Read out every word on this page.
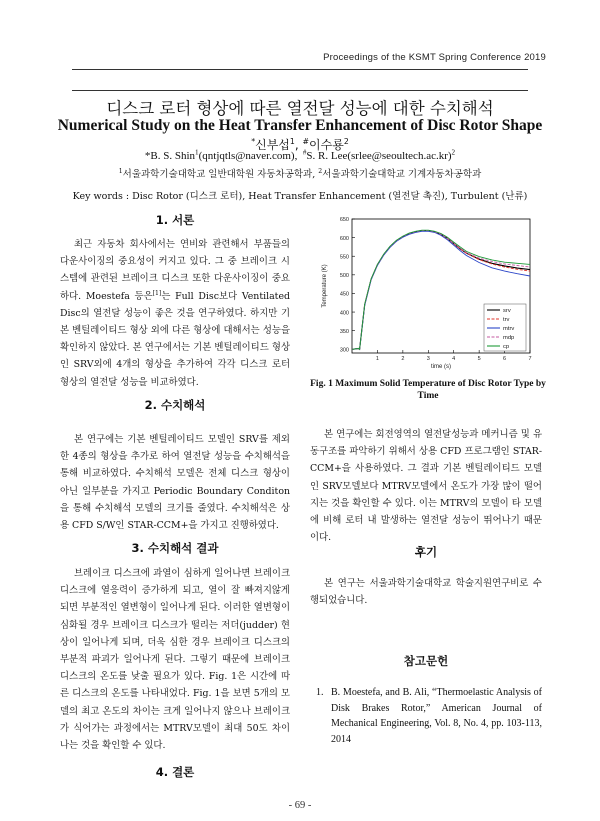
Proceedings of the KSMT Spring Conference 2019
디스크 로터 형상에 따른 열전달 성능에 대한 수치해석
Numerical Study on the Heat Transfer Enhancement of Disc Rotor Shape
*신부섭$^1$, #이수룡$^2$
*B. S. Shin$^1$(qntjqtls@naver.com), #S. R. Lee(srlee@seoultech.ac.kr)$^2$
$^1$서울과학기술대학교 일반대학원 자동차공학과, $^2$서울과학기술대학교 기계자동차공학과
Key words : Disc Rotor (디스크 로터), Heat Transfer Enhancement (열전달 촉진), Turbulent (난류)
1. 서론

최근 자동차 회사에서는 연비와 관련해서 부품들의 다운사이징의 중요성이 커지고 있다. 그 중 브레이크 시스템에 관련된 브레이크 디스크 또한 다운사이징이 중요하다. Moestefa 등은[1]는 Full Disc보다 Ventilated Disc의 열전달 성능이 좋은 것을 연구하였다. 하지만 기본 벤틸레이티드 형상 외에 다른 형상에 대해서는 성능을 확인하지 않았다. 본 연구에서는 기본 벤틸레이티드 형상인 SRV외에 4개의 형상을 추가하여 각각 디스크 로터 형상의 열전달 성능을 비교하였다.

2. 수치해석

본 연구에는 기본 벤틸레이티드 모델인 SRV를 제외한 4종의 형상을 추가로 하여 열전달 성능을 수치해석을 통해 비교하였다. 수치해석 모델은 전체 디스크 형상이 아닌 일부분을 가지고 Periodic Boundary Conditon을 통해 수치해석 모델의 크기를 줄였다. 수치해석은 상용 CFD S/W인 STAR-CCM+을 가지고 진행하였다.

3. 수치해석 결과

브레이크 디스크에 과열이 심하게 일어나면 브레이크 디스크에 열응력이 증가하게 되고, 열이 잘 빠져지않게 되면 부분적인 열변형이 일어나게 된다. 이러한 열변형이 심화될 경우 브레이크 디스크가 떨리는 저더(judder) 현상이 일어나게 되며, 더욱 심한 경우 브레이크 디스크의 부분적 파괴가 일어나게 된다. 그렇기 때문에 브레이크 디스크의 온도를 낮출 필요가 있다. Fig. 1은 시간에 따른 디스크의 온도를 나타내었다. Fig. 1을 보면 5개의 모델의 최고 온도의 차이는 크게 일어나지 않으나 브레이크가 식어가는 과정에서는 MTRV모델이 최대 50도 차이나는 것을 확인할 수 있다.

4. 결론
300
350
400
450
500
550
600
650
1	2	3	4	5	6	7
time (s)
Temperature (K)
srv
trv
mtrv
mdp
cp
Fig. 1 Maximum Solid Temperature of Disc Rotor Type by Time

본 연구에는 회전영역의 열전달성능과 메커니즘 및 유동구조를 파악하기 위해서 상용 CFD 프로그램인 STAR-CCM+을 사용하였다. 그 결과 기본 벤틸레이티드 모델인 SRV모델보다 MTRV모델에서 온도가 가장 많이 떨어지는 것을 확인할 수 있다. 이는 MTRV의 모델이 타 모델에 비해 로터 내 발생하는 열전달 성능이 뛰어나기 때문이다.

후기

본 연구는 서울과학기술대학교 학술지원연구비로 수행되었습니다.

참고문헌
1. B. Moestefa, and B. Ali, “Thermoelastic Analysis of Disk Brakes Rotor,” American Journal of Mechanical Engineering, Vol. 8, No. 4, pp. 103-113, 2014
- 69 -
